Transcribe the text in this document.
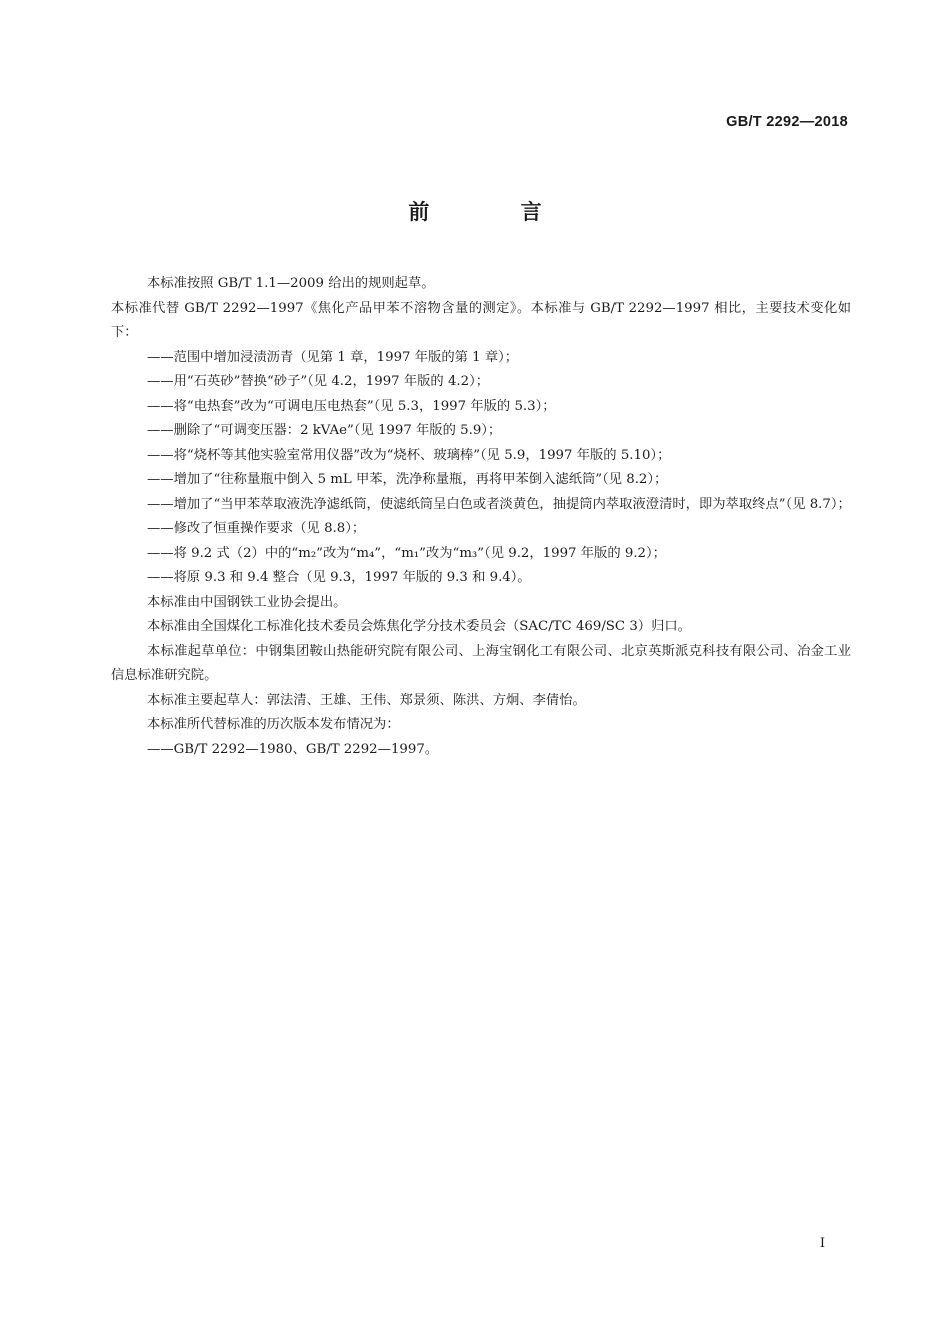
GB/T 2292—2018
前 言

本标准按照 GB/T 1.1—2009 给出的规则起草。

本标准代替 GB/T 2292—1997《焦化产品甲苯不溶物含量的测定》。本标准与 GB/T 2292—1997 相比，主要技术变化如下：

——范围中增加浸渍沥青（见第 1 章，1997 年版的第 1 章）；

——用“石英砂”替换“砂子”（见 4.2，1997 年版的 4.2）；

——将“电热套”改为“可调电压电热套”（见 5.3，1997 年版的 5.3）；

——删除了“可调变压器：2 kVAe”（见 1997 年版的 5.9）；

——将“烧杯等其他实验室常用仪器”改为“烧杯、玻璃棒”（见 5.9，1997 年版的 5.10）；

——增加了“往称量瓶中倒入 5 mL 甲苯，洗净称量瓶，再将甲苯倒入滤纸筒”（见 8.2）；

——增加了“当甲苯萃取液洗净滤纸筒，使滤纸筒呈白色或者淡黄色，抽提筒内萃取液澄清时，即为萃取终点”（见 8.7）；

——修改了恒重操作要求（见 8.8）；

——将 9.2 式（2）中的“m₂”改为“m₄”，“m₁”改为“m₃”（见 9.2，1997 年版的 9.2）；

——将原 9.3 和 9.4 整合（见 9.3，1997 年版的 9.3 和 9.4）。

本标准由中国钢铁工业协会提出。

本标准由全国煤化工标准化技术委员会炼焦化学分技术委员会（SAC/TC 469/SC 3）归口。

本标准起草单位：中钢集团鞍山热能研究院有限公司、上海宝钢化工有限公司、北京英斯派克科技有限公司、冶金工业信息标准研究院。

本标准主要起草人：郭法清、王雄、王伟、郑景须、陈洪、方炯、李倩怡。

本标准所代替标准的历次版本发布情况为：

——GB/T 2292—1980、GB/T 2292—1997。

I
